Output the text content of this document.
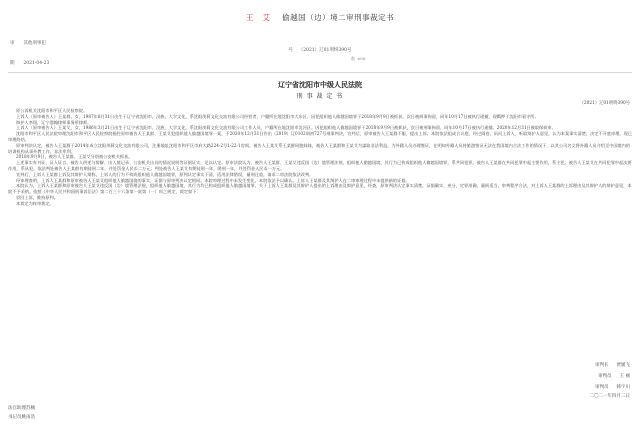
王 艾 偷越国（边）境二审刑事裁定书
审 其他刑事犯
号 （2021）辽01刑终390号
期 2021-04-23
数 608
辽宁省沈阳市中级人民法院
刑 事 裁 定 书
（2021）辽01刑终390号

原公诉机关沈阳市和平区人民检察院。

上诉人（原审被告人）王某群，女，1987年8月31日出生于辽宁省沈阳市，汉族，大学文化，系沈阳茂莉文化交流有限公司经营者，户籍所在地沈阳市大东区。因犯组织他人偷越国境罪于2018年9月9日被抓获，次日被刑事拘留，同年10月17日被执行逮捕，现羁押于沈阳市看守所。

辩护人李翔，辽宁渤翰律师事务所律师。

上诉人（原审被告人）王某艾，女，1986年3月21日出生于辽宁省沈阳市，汉族，大学文化，系沈阳茂莉文化交流有限公司工作人员，户籍所在地沈阳市沈河区。因犯组织他人偷越国境罪于2018年9月9日被抓获，次日被刑事拘留，同年10月17日被执行逮捕。2020年12月31日被取保候审。

沈阳市和平区人民法院审理沈阳市和平区人民检察院指控原审被告人王某群、王某艾犯组织他人偷越国境罪一案，于2020年12月31日作出（2019）辽0102刑初727号刑事判决，宣判后，原审被告人王某群不服，提出上诉。本院依法组成合议庭，经过阅卷，讯问上诉人，听取辩护人意见，认为本案事实清楚，决定不开庭审理。现已审理终结。

原审判决认定，被告人王某群于2014年成立沈阳茂莉文化交流有限公司，注册地址沈阳市和平区市府大路224-2号1-22-1房间。被告人王某艾系王某群同胞妹妹，被告人王某群和王某艾为谋取非法利益，为外籍人员办理签证，在明知外籍人员持旅游签证无法在我国境内合法工作的情况下，以其公司名义将外籍人员介绍至中国境内的培训机构从事外教工作，非法牟利。

2018年9月9日，被告人王某群、王某艾分别被公安机关抓获。

上述事实有书证、证人证言、被告人供述与辩解、出入境记录、公安机关出具的情况说明等证据证实，足以认定。原审法院认为，被告人王某群、王某艾违反国（边）境管理法规，组织他人偷越国境，其行为已构成组织他人偷越国境罪，系共同犯罪。被告人王某群在共同犯罪中起主要作用，系主犯；被告人王某艾在共同犯罪中起次要作用，系从犯。依法判处被告人王某群有期徒刑二年，并处罚金人民币二万元；判处被告人王某艾有期徒刑一年，缓刑一年，并处罚金人民币一万元。

宣判后，上诉人王某群上诉及其辩护人辩称，上诉人的行为不构成组织他人偷越国境罪，原判认定事实不清，适用法律错误，量刑过重，请求二审法院依法改判。

经审理查明，上诉人王某群和原审被告人王某艾组织他人偷越国境的事实，证据与原审判决认定相同。本院审理过程中未发生变化，本院依法予以确认。上诉人王某群及其辩护人在二审审理过程中未提供新的证据。

本院认为，上诉人王某群和原审被告人王某艾违反国（边）境管理法规，组织他人偷越国境，其行为均已构成组织他人偷越国境罪。关于上诉人王某群及其辩护人提出的上诉理由及辩护意见，经查，原审判决认定事实清楚，证据确实、充分，定罪准确，量刑适当，审判程序合法，对上诉人王某群的上诉理由及其辩护人的辩护意见，本院不予采纳。依照《中华人民共和国刑事诉讼法》第二百三十六条第一款第（一）项之规定，裁定如下：

驳回上诉，维持原判。

本裁定为终审裁定。

审判长 贾媛飞
审判员 王 丽
审判员 韩宇川
二〇二一年四月二日
法官助理苏楠
书记员姚雨浩
